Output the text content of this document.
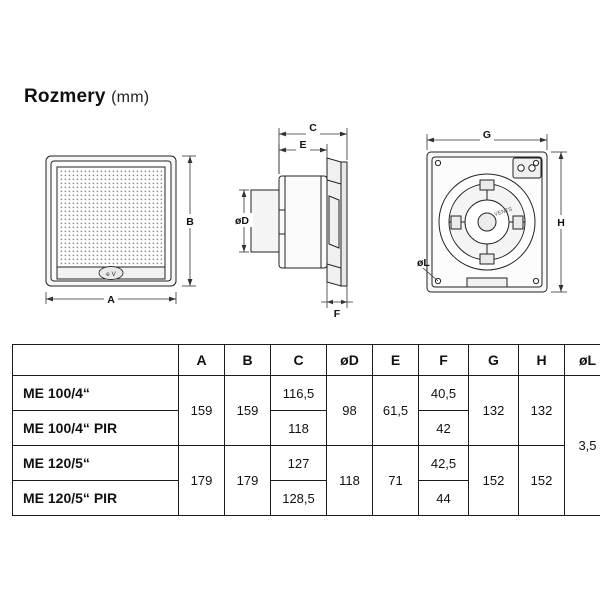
Rozmery (mm)
e V
A
B
C
E
øD
F
VENTS
G
H
øL
	A	B	C	øD	E	F	G	H	øL
ME 100/4“	159	159	116,5	98	61,5	40,5	132	132	3,5
ME 100/4“ PIR			118			42			
ME 120/5“	179	179	127	118	71	42,5	152	152	
ME 120/5“ PIR			128,5			44			
